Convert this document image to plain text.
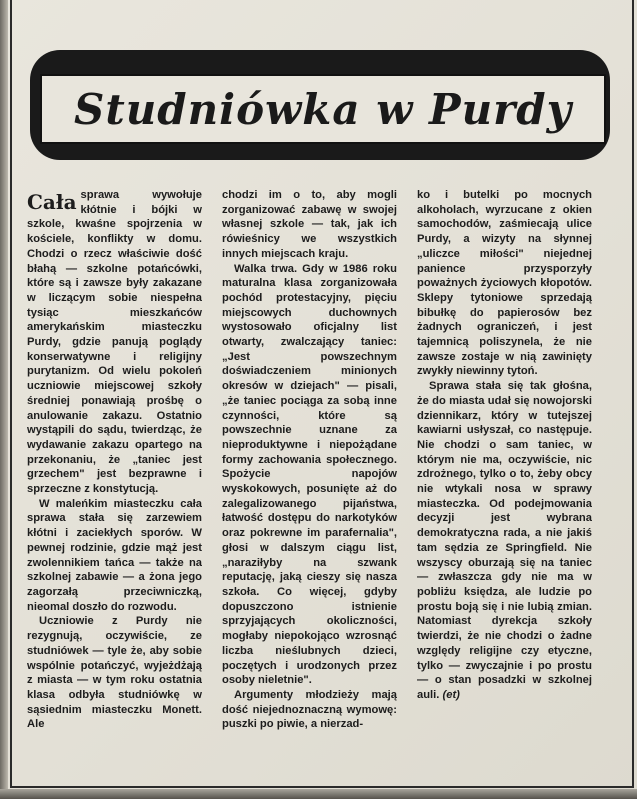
Studniówka w Purdy

Cała sprawa wywołuje kłótnie i bójki w szkole, kwaśne spojrzenia w kościele, konflikty w domu. Chodzi o rzecz właściwie dość błahą — szkolne potańcówki, które są i zawsze były zakazane w liczącym sobie niespełna tysiąc mieszkańców amerykańskim miasteczku Purdy, gdzie panują poglądy konserwatywne i religijny purytanizm. Od wielu pokoleń uczniowie miejscowej szkoły średniej ponawiają prośbę o anulowanie zakazu. Ostatnio wystąpili do sądu, twierdząc, że wydawanie zakazu opartego na przekonaniu, że „taniec jest grzechem" jest bezprawne i sprzeczne z konstytucją.

W maleńkim miasteczku cała sprawa stała się zarzewiem kłótni i zaciekłych sporów. W pewnej rodzinie, gdzie mąż jest zwolennikiem tańca — także na szkolnej zabawie — a żona jego zagorzałą przeciwniczką, nieomal doszło do rozwodu.

Uczniowie z Purdy nie rezygnują, oczywiście, ze studniówek — tyle że, aby sobie wspólnie potańczyć, wyjeżdżają z miasta — w tym roku ostatnia klasa odbyła studniówkę w sąsiednim miasteczku Monett. Ale

chodzi im o to, aby mogli zorganizować zabawę w swojej własnej szkole — tak, jak ich rówieśnicy we wszystkich innych miejscach kraju.

Walka trwa. Gdy w 1986 roku maturalna klasa zorganizowała pochód protestacyjny, pięciu miejscowych duchownych wystosowało oficjalny list otwarty, zwalczający taniec: „Jest powszechnym doświadczeniem minionych okresów w dziejach" — pisali, „że taniec pociąga za sobą inne czynności, które są powszechnie uznane za nieproduktywne i niepożądane formy zachowania społecznego. Spożycie napojów wyskokowych, posunięte aż do zalegalizowanego pijaństwa, łatwość dostępu do narkotyków oraz pokrewne im parafernalia", głosi w dalszym ciągu list, „naraziłyby na szwank reputację, jaką cieszy się nasza szkoła. Co więcej, gdyby dopuszczono istnienie sprzyjających okoliczności, mogłaby niepokojąco wzrosnąć liczba nieślubnych dzieci, poczętych i urodzonych przez osoby nieletnie".

Argumenty młodzieży mają dość niejednoznaczną wymowę: puszki po piwie, a nierzad-

ko i butelki po mocnych alkoholach, wyrzucane z okien samochodów, zaśmiecają ulice Purdy, a wizyty na słynnej „uliczce miłości" niejednej panience przysporzyły poważnych życiowych kłopotów. Sklepy tytoniowe sprzedają bibułkę do papierosów bez żadnych ograniczeń, i jest tajemnicą poliszynela, że nie zawsze zostaje w nią zawinięty zwykły niewinny tytoń.

Sprawa stała się tak głośna, że do miasta udał się nowojorski dziennikarz, który w tutejszej kawiarni usłyszał, co następuje. Nie chodzi o sam taniec, w którym nie ma, oczywiście, nic zdrożnego, tylko o to, żeby obcy nie wtykali nosa w sprawy miasteczka. Od podejmowania decyzji jest wybrana demokratyczna rada, a nie jakiś tam sędzia ze Springfield. Nie wszyscy oburzają się na taniec — zwłaszcza gdy nie ma w pobliżu księdza, ale ludzie po prostu boją się i nie lubią zmian. Natomiast dyrekcja szkoły twierdzi, że nie chodzi o żadne względy religijne czy etyczne, tylko — zwyczajnie i po prostu — o stan posadzki w szkolnej auli. (et)
